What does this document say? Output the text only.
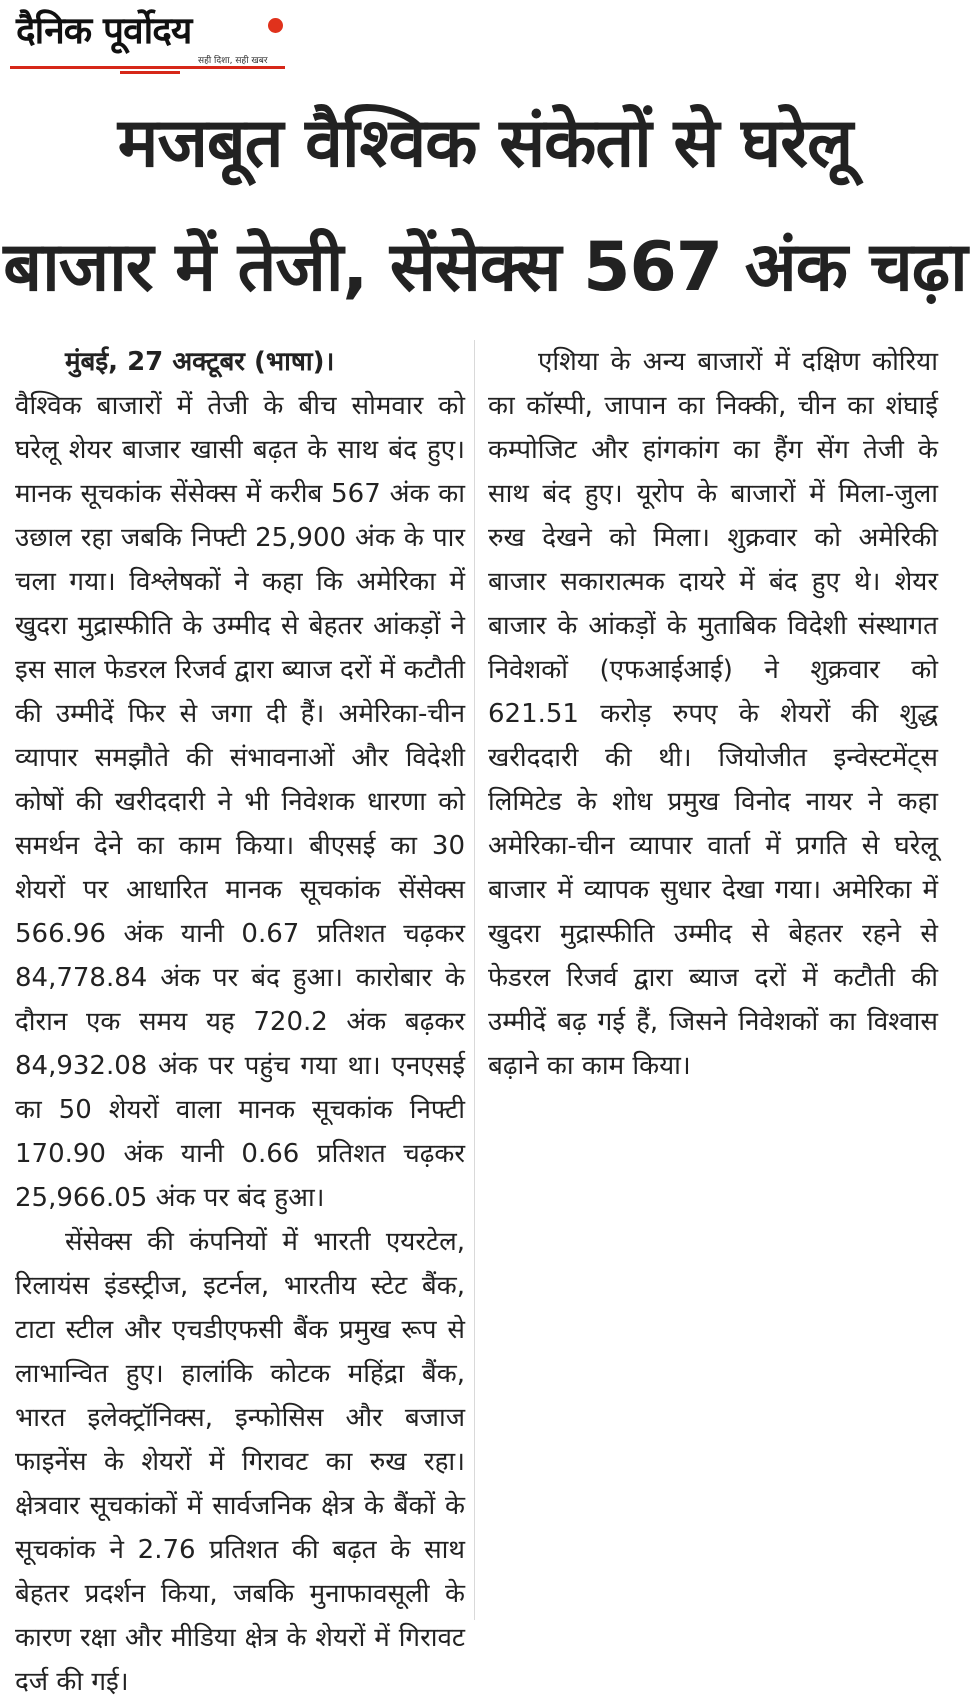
दैनिक पूर्वोदय
सही दिशा, सही खबर
मजबूत वैश्विक संकेतों से घरेलू
बाजार में तेजी, सेंसेक्स 567 अंक चढ़ा

मुंबई, 27 अक्टूबर (भाषा)।

वैश्विक बाजारों में तेजी के बीच सोमवार को घरेलू शेयर बाजार खासी बढ़त के साथ बंद हुए। मानक सूचकांक सेंसेक्स में करीब 567 अंक का उछाल रहा जबकि निफ्टी 25,900 अंक के पार चला गया। विश्लेषकों ने कहा कि अमेरिका में खुदरा मुद्रास्फीति के उम्मीद से बेहतर आंकड़ों ने इस साल फेडरल रिजर्व द्वारा ब्याज दरों में कटौती की उम्मीदें फिर से जगा दी हैं। अमेरिका-चीन व्यापार समझौते की संभावनाओं और विदेशी कोषों की खरीददारी ने भी निवेशक धारणा को समर्थन देने का काम किया। बीएसई का 30 शेयरों पर आधारित मानक सूचकांक सेंसेक्स 566.96 अंक यानी 0.67 प्रतिशत चढ़कर 84,778.84 अंक पर बंद हुआ। कारोबार के दौरान एक समय यह 720.2 अंक बढ़कर 84,932.08 अंक पर पहुंच गया था। एनएसई का 50 शेयरों वाला मानक सूचकांक निफ्टी 170.90 अंक यानी 0.66 प्रतिशत चढ़कर 25,966.05 अंक पर बंद हुआ।

सेंसेक्स की कंपनियों में भारती एयरटेल, रिलायंस इंडस्ट्रीज, इटर्नल, भारतीय स्टेट बैंक, टाटा स्टील और एचडीएफसी बैंक प्रमुख रूप से लाभान्वित हुए। हालांकि कोटक महिंद्रा बैंक, भारत इलेक्ट्रॉनिक्स, इन्फोसिस और बजाज फाइनेंस के शेयरों में गिरावट का रुख रहा। क्षेत्रवार सूचकांकों में सार्वजनिक क्षेत्र के बैंकों के सूचकांक ने 2.76 प्रतिशत की बढ़त के साथ बेहतर प्रदर्शन किया, जबकि मुनाफावसूली के कारण रक्षा और मीडिया क्षेत्र के शेयरों में गिरावट दर्ज की गई।

एशिया के अन्य बाजारों में दक्षिण कोरिया का कॉस्पी, जापान का निक्की, चीन का शंघाई कम्पोजिट और हांगकांग का हैंग सेंग तेजी के साथ बंद हुए। यूरोप के बाजारों में मिला-जुला रुख देखने को मिला। शुक्रवार को अमेरिकी बाजार सकारात्मक दायरे में बंद हुए थे। शेयर बाजार के आंकड़ों के मुताबिक विदेशी संस्थागत निवेशकों (एफआईआई) ने शुक्रवार को 621.51 करोड़ रुपए के शेयरों की शुद्ध खरीददारी की थी। जियोजीत इन्वेस्टमेंट्स लिमिटेड के शोध प्रमुख विनोद नायर ने कहा अमेरिका-चीन व्यापार वार्ता में प्रगति से घरेलू बाजार में व्यापक सुधार देखा गया। अमेरिका में खुदरा मुद्रास्फीति उम्मीद से बेहतर रहने से फेडरल रिजर्व द्वारा ब्याज दरों में कटौती की उम्मीदें बढ़ गई हैं, जिसने निवेशकों का विश्वास बढ़ाने का काम किया।
